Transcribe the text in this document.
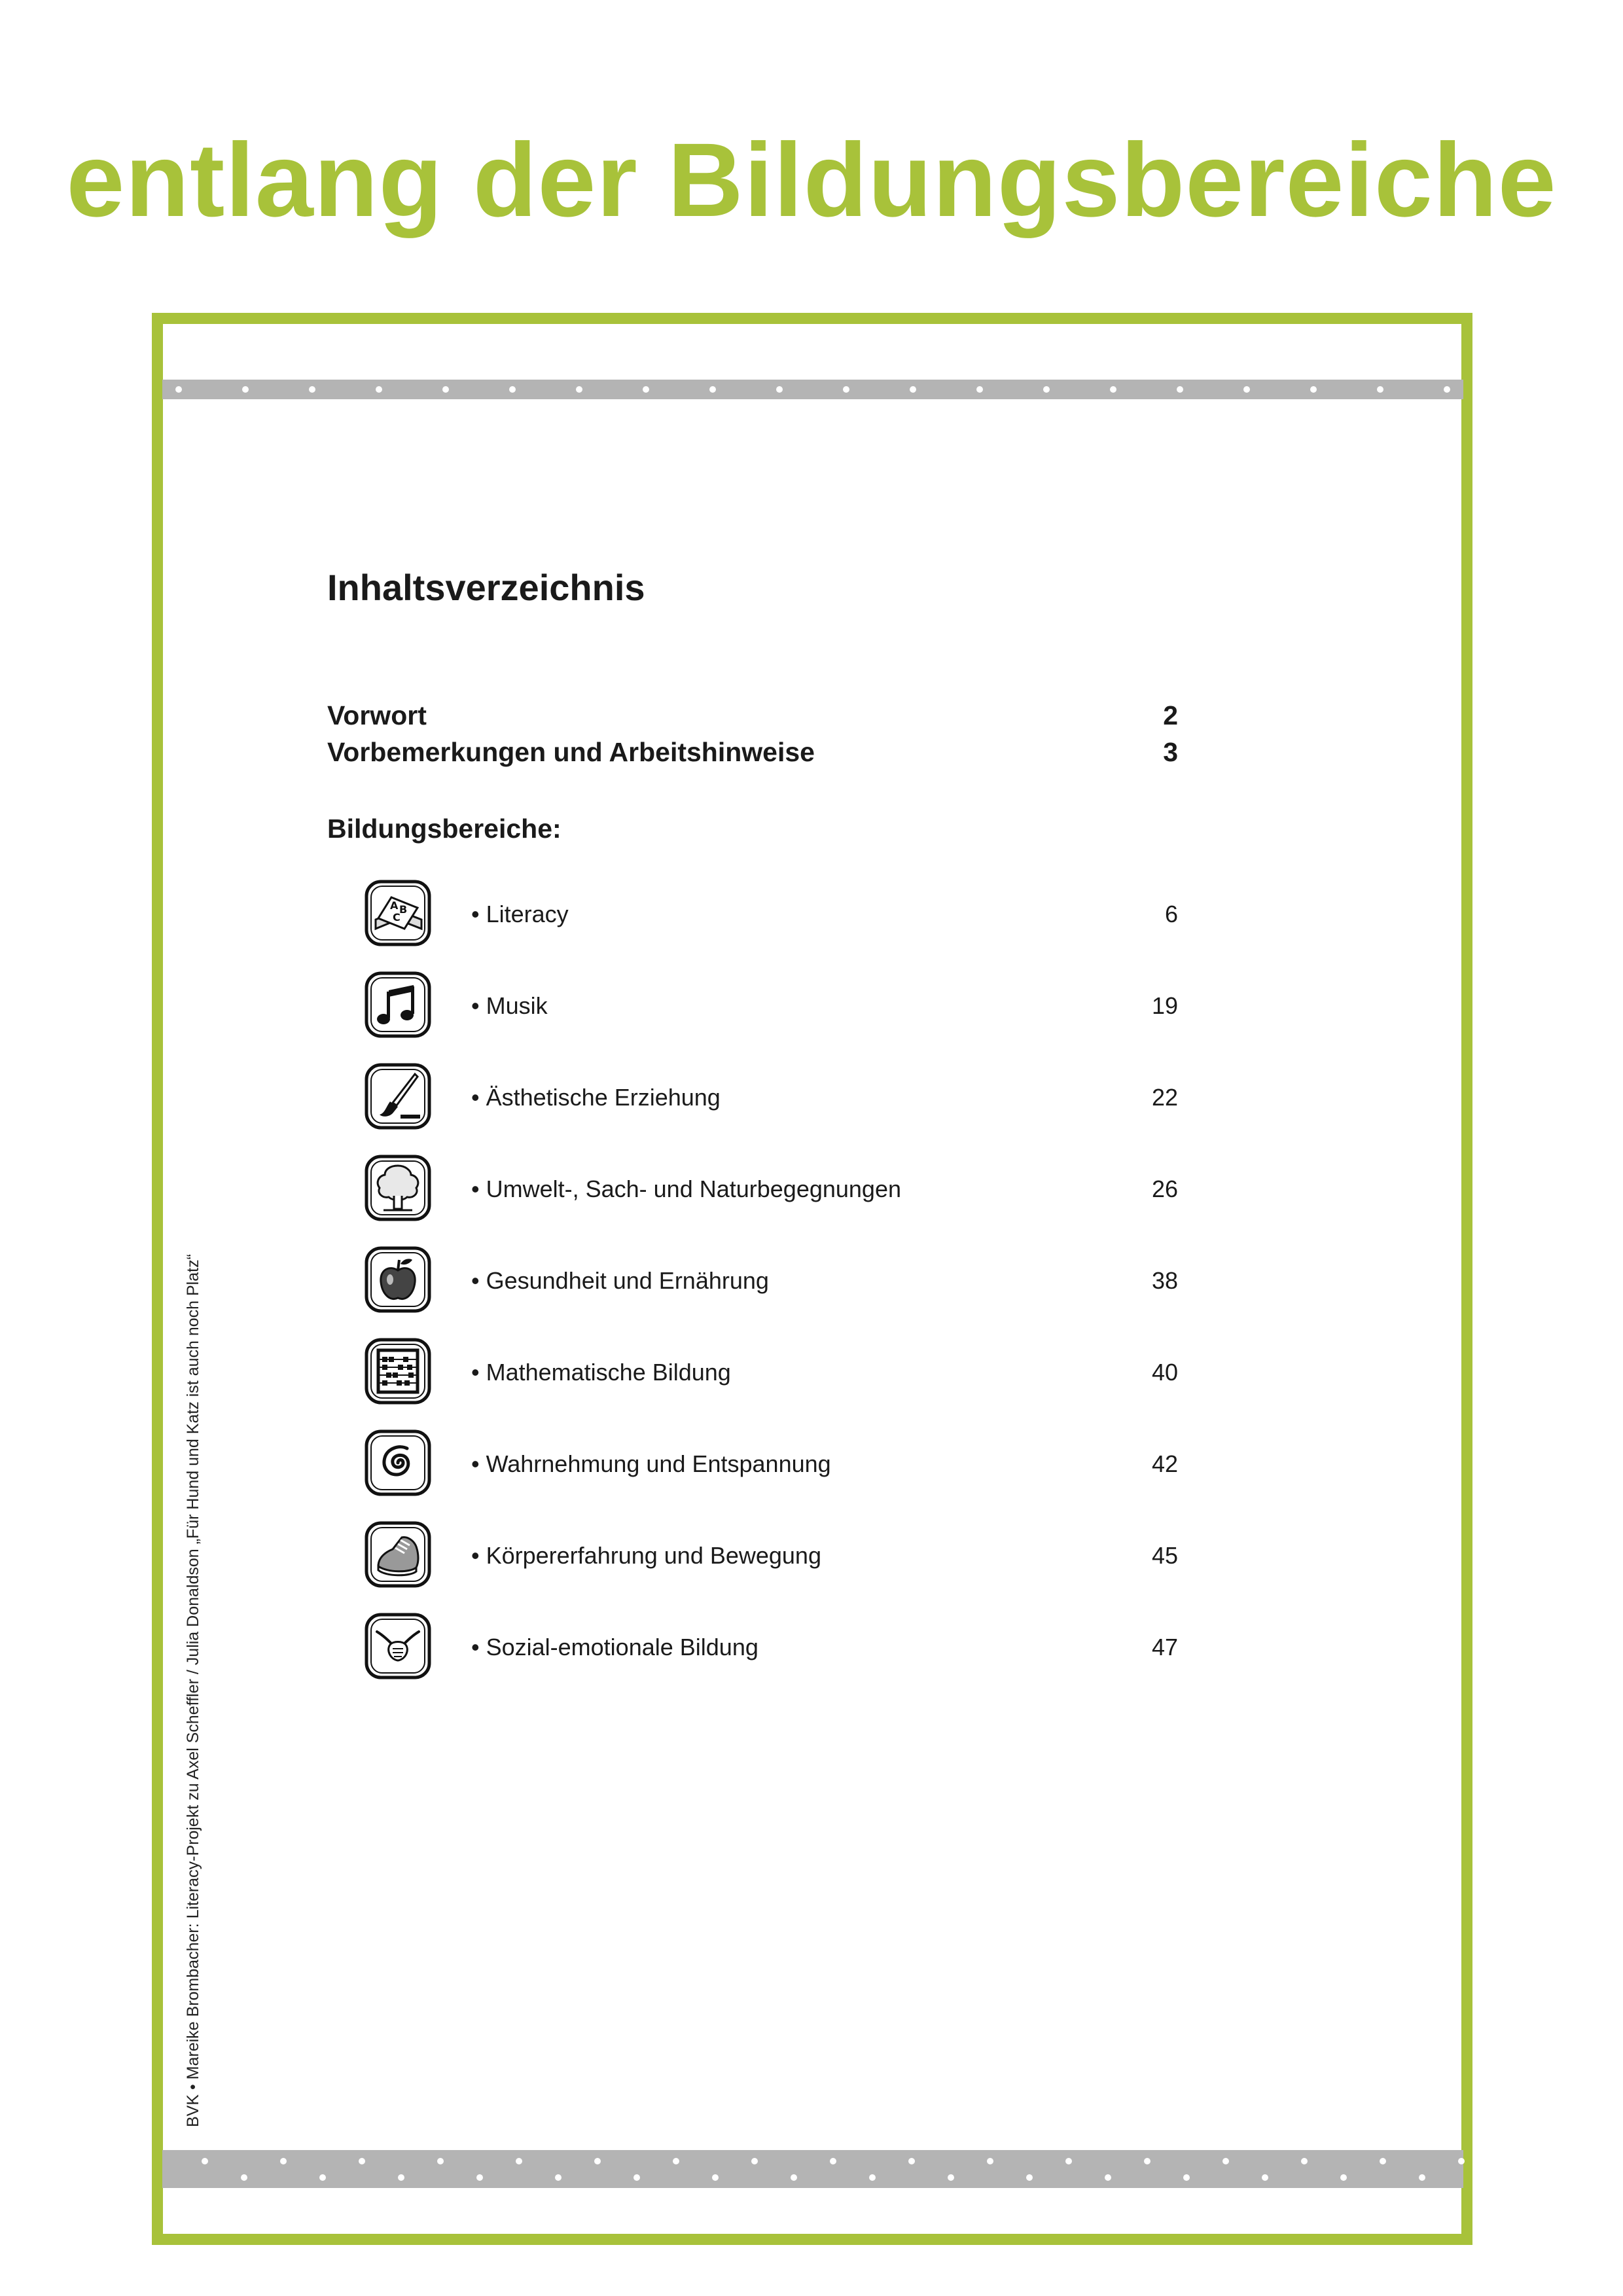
entlang der Bildungsbereiche
BVK • Mareike Brombacher: Literacy-Projekt zu Axel Scheffler / Julia Donaldson „Für Hund und Katz ist auch noch Platz“
Inhaltsverzeichnis
Vorwort	2
Vorbemerkungen und Arbeitshinweise	3
Bildungsbereiche:
A B
C	• Literacy	6
• Musik	19
• Ästhetische Erziehung	22
• Umwelt-, Sach- und Naturbegegnungen	26
• Gesundheit und Ernährung	38
• Mathematische Bildung	40
• Wahrnehmung und Entspannung	42
• Körpererfahrung und Bewegung	45
• Sozial-emotionale Bildung	47
